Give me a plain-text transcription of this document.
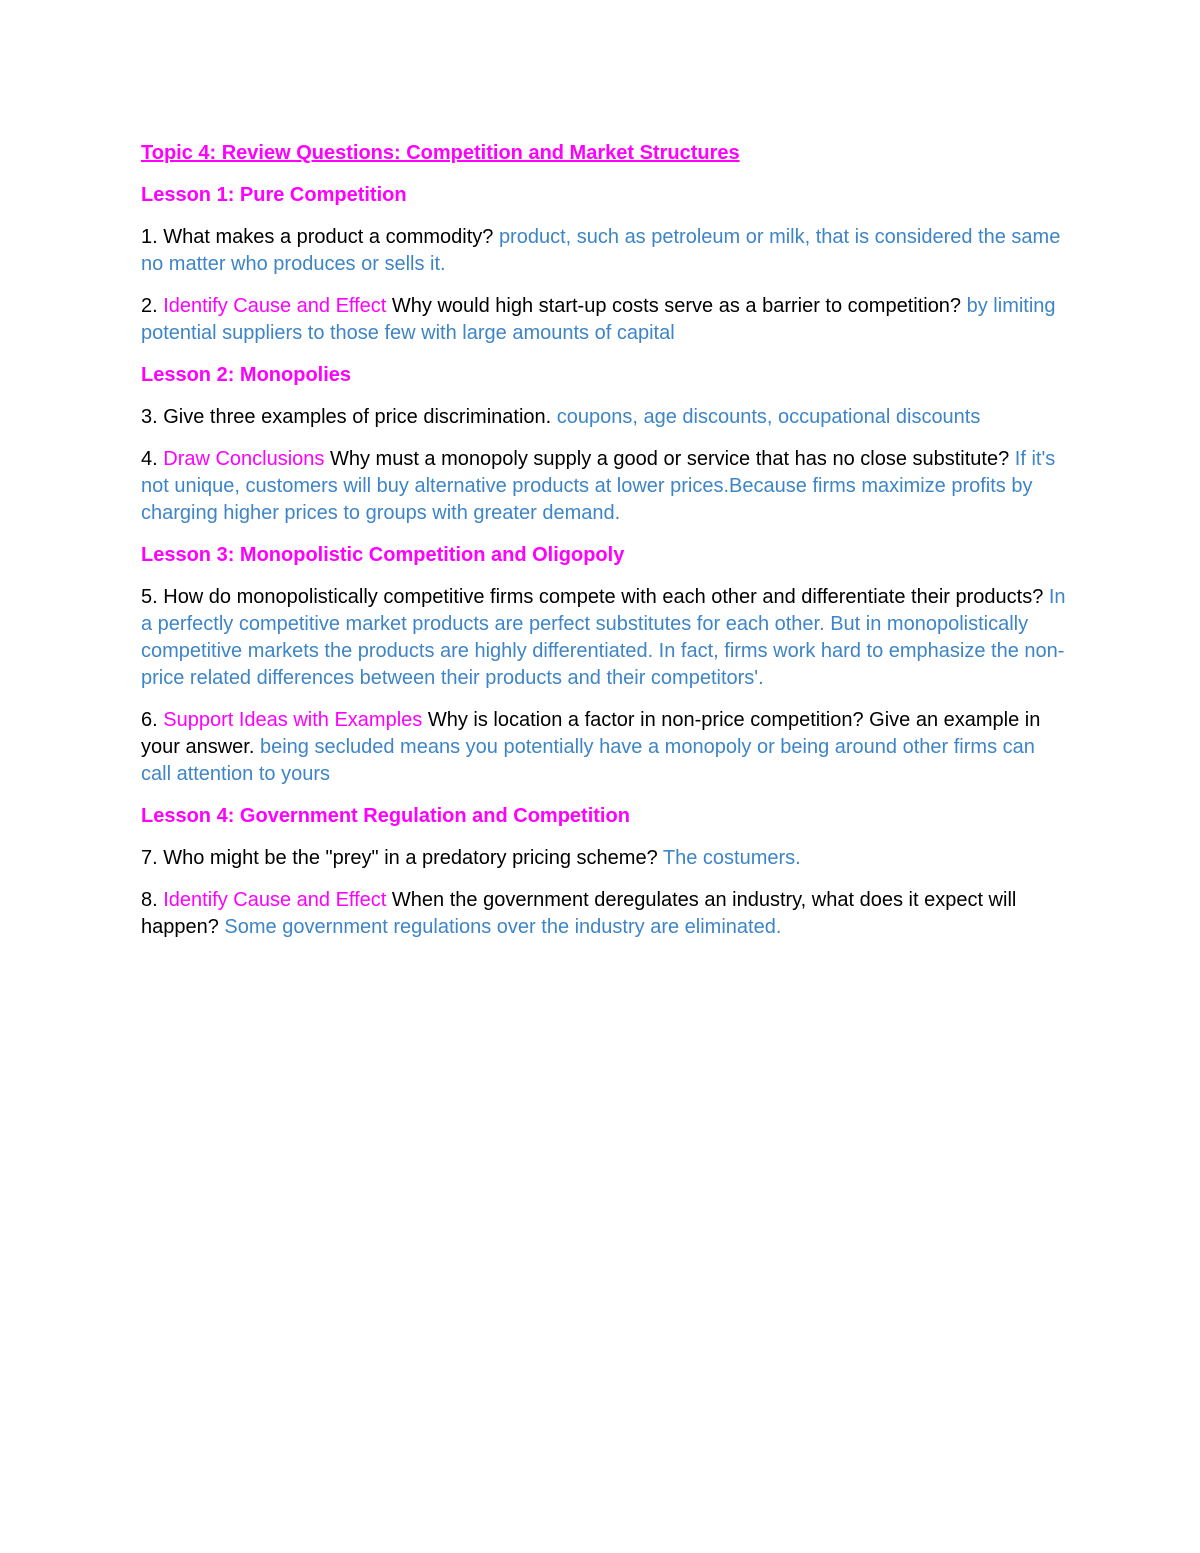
Topic 4: Review Questions: Competition and Market Structures
Lesson 1: Pure Competition

1. What makes a product a commodity? product, such as petroleum or milk, that is considered the same no matter who produces or sells it.

2. Identify Cause and Effect Why would high start-up costs serve as a barrier to competition? by limiting potential suppliers to those few with large amounts of capital

Lesson 2: Monopolies

3. Give three examples of price discrimination. coupons, age discounts, occupational discounts

4. Draw Conclusions Why must a monopoly supply a good or service that has no close substitute? If it's not unique, customers will buy alternative products at lower prices.Because firms maximize profits by charging higher prices to groups with greater demand.

Lesson 3: Monopolistic Competition and Oligopoly

5. How do monopolistically competitive firms compete with each other and differentiate their products? In a perfectly competitive market products are perfect substitutes for each other. But in monopolistically competitive markets the products are highly differentiated. In fact, firms work hard to emphasize the non-price related differences between their products and their competitors'.

6. Support Ideas with Examples Why is location a factor in non-price competition? Give an example in your answer. being secluded means you potentially have a monopoly or being around other firms can call attention to yours

Lesson 4: Government Regulation and Competition

7. Who might be the "prey" in a predatory pricing scheme? The costumers.

8. Identify Cause and Effect When the government deregulates an industry, what does it expect will happen? Some government regulations over the industry are eliminated.
